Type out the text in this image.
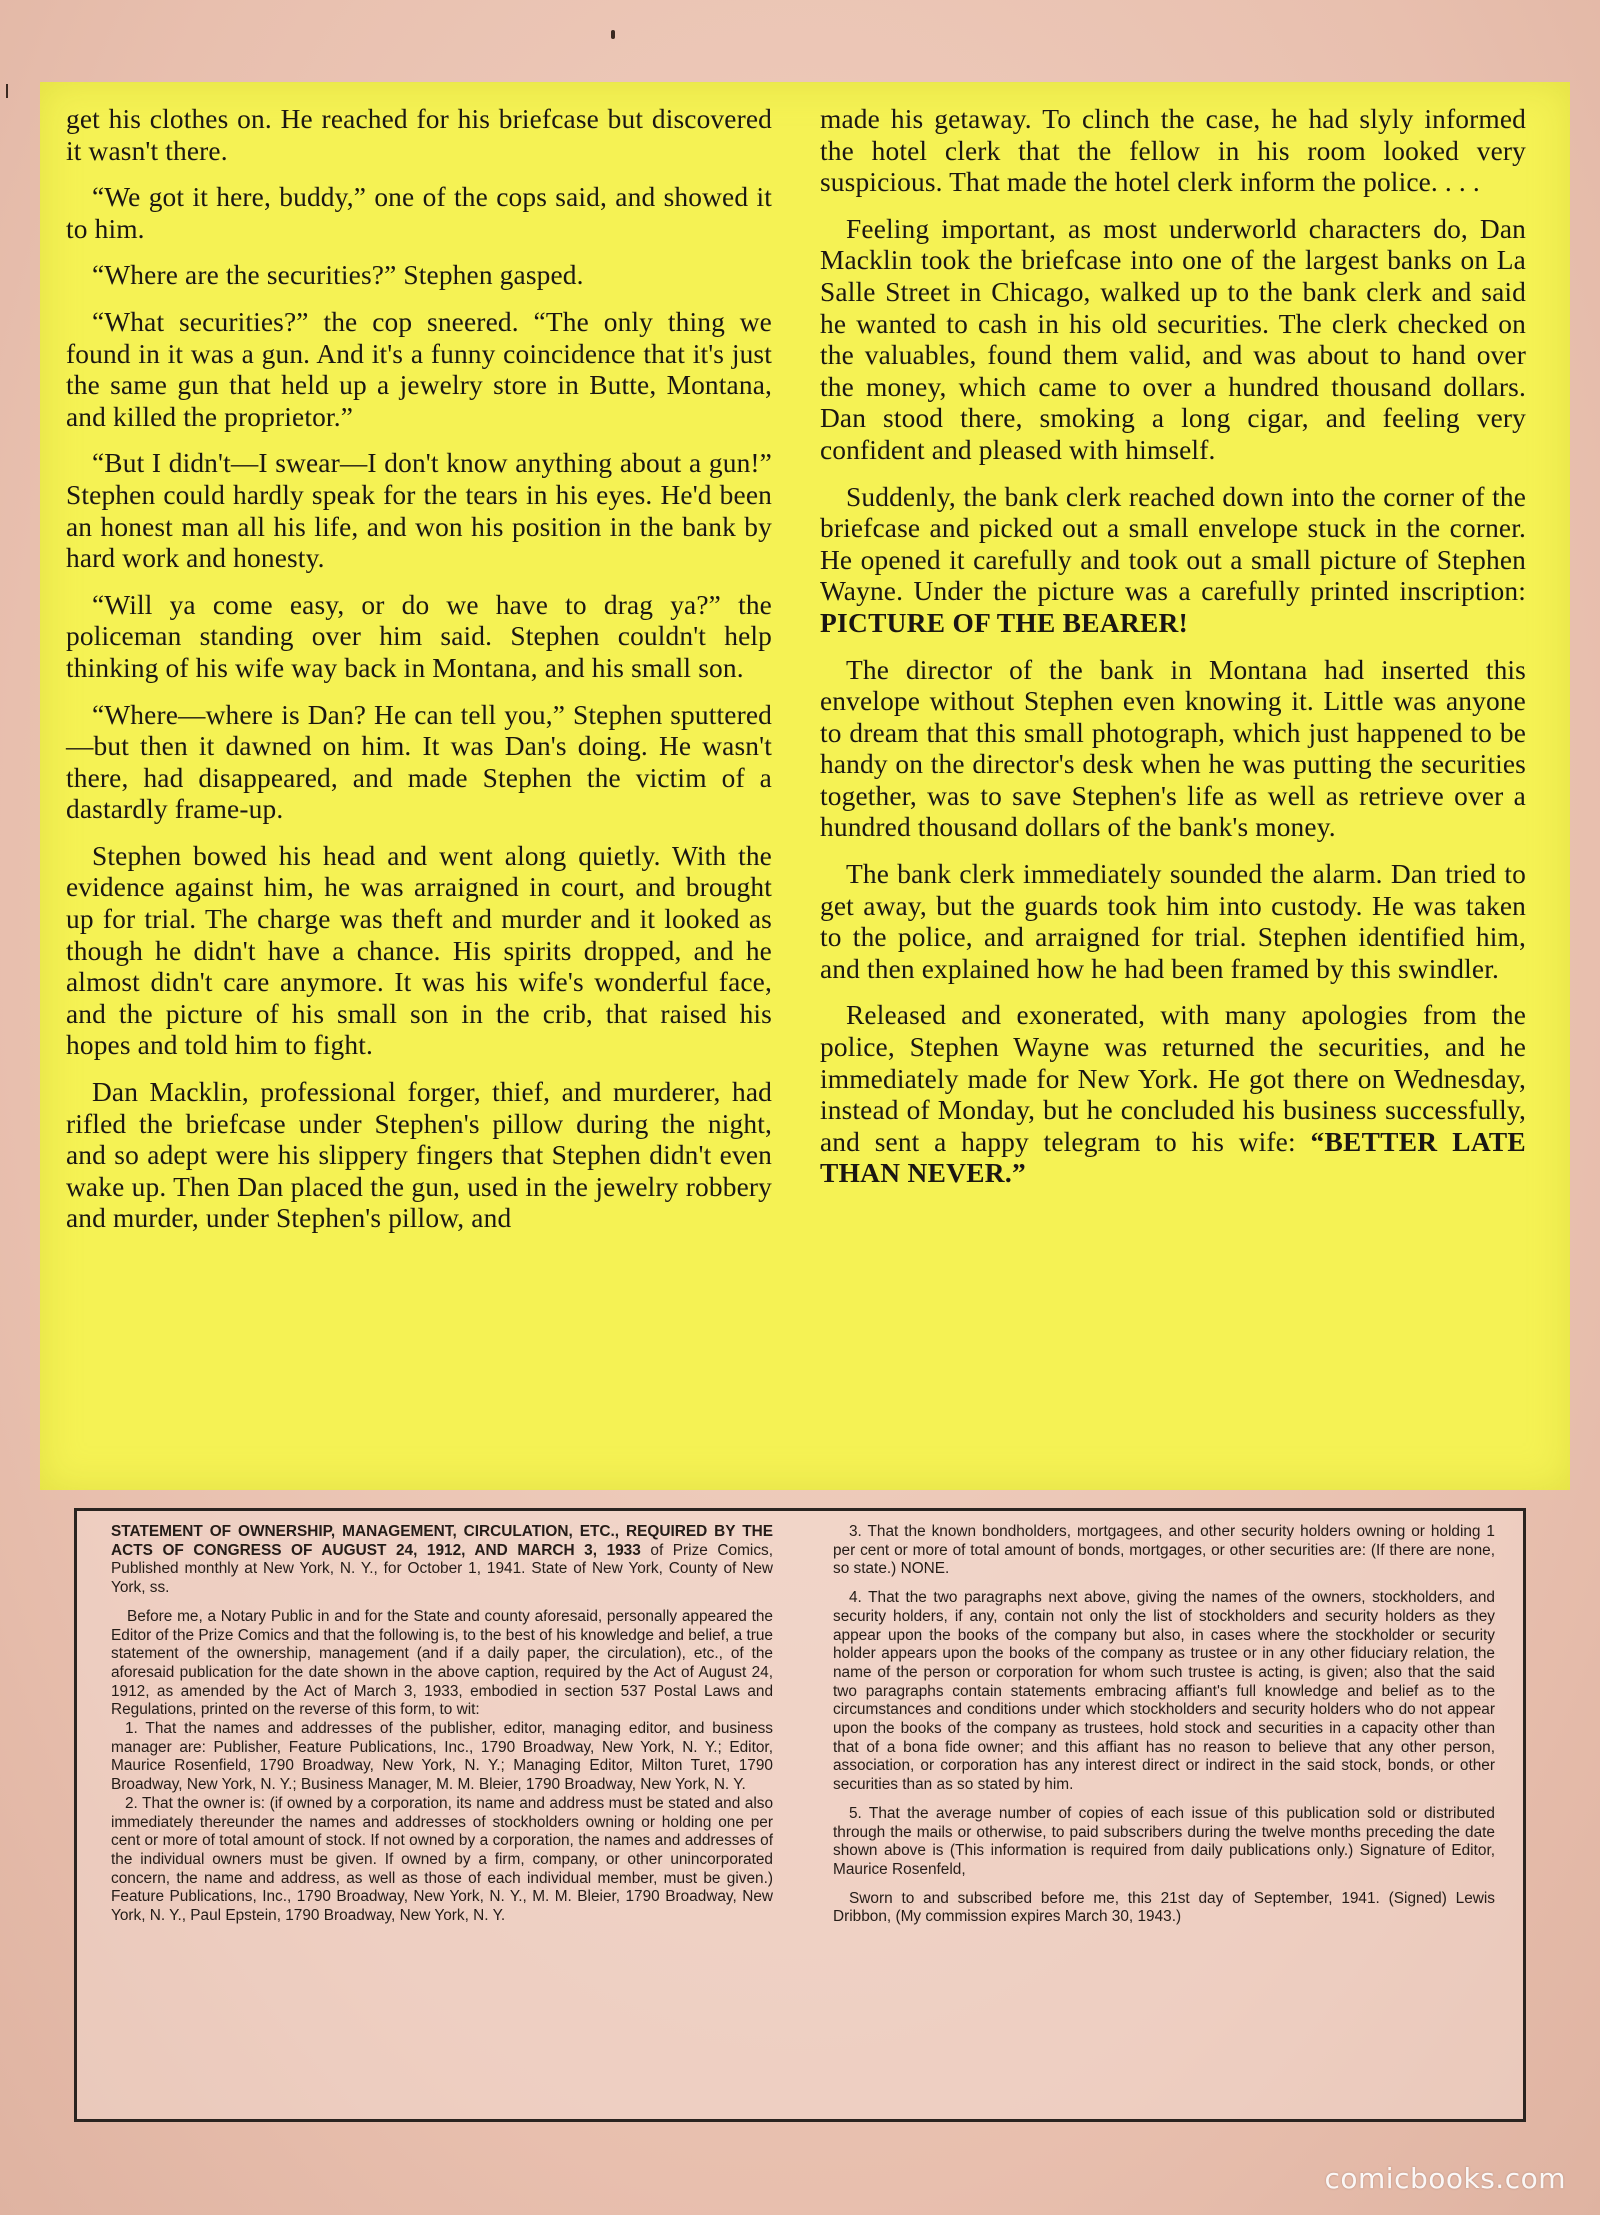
get his clothes on. He reached for his briefcase but discovered it wasn't there.

“We got it here, buddy,” one of the cops said, and showed it to him.

“Where are the securities?” Stephen gasped.

“What securities?” the cop sneered. “The only thing we found in it was a gun. And it's a funny coincidence that it's just the same gun that held up a jewelry store in Butte, Montana, and killed the proprietor.”

“But I didn't—I swear—I don't know anything about a gun!” Stephen could hardly speak for the tears in his eyes. He'd been an honest man all his life, and won his position in the bank by hard work and honesty.

“Will ya come easy, or do we have to drag ya?” the policeman standing over him said. Stephen couldn't help thinking of his wife way back in Montana, and his small son.

“Where—where is Dan? He can tell you,” Stephen sputtered—but then it dawned on him. It was Dan's doing. He wasn't there, had disappeared, and made Stephen the victim of a dastardly frame-up.

Stephen bowed his head and went along quietly. With the evidence against him, he was arraigned in court, and brought up for trial. The charge was theft and murder and it looked as though he didn't have a chance. His spirits dropped, and he almost didn't care anymore. It was his wife's wonderful face, and the picture of his small son in the crib, that raised his hopes and told him to fight.

Dan Macklin, professional forger, thief, and murderer, had rifled the briefcase under Stephen's pillow during the night, and so adept were his slippery fingers that Stephen didn't even wake up. Then Dan placed the gun, used in the jewelry robbery and murder, under Stephen's pillow, and

made his getaway. To clinch the case, he had slyly informed the hotel clerk that the fellow in his room looked very suspicious. That made the hotel clerk inform the police. . . .

Feeling important, as most underworld characters do, Dan Macklin took the briefcase into one of the largest banks on La Salle Street in Chicago, walked up to the bank clerk and said he wanted to cash in his old securities. The clerk checked on the valuables, found them valid, and was about to hand over the money, which came to over a hundred thousand dollars. Dan stood there, smoking a long cigar, and feeling very confident and pleased with himself.

Suddenly, the bank clerk reached down into the corner of the briefcase and picked out a small envelope stuck in the corner. He opened it carefully and took out a small picture of Stephen Wayne. Under the picture was a carefully printed inscription: PICTURE OF THE BEARER!

The director of the bank in Montana had inserted this envelope without Stephen even knowing it. Little was anyone to dream that this small photograph, which just happened to be handy on the director's desk when he was putting the securities together, was to save Stephen's life as well as retrieve over a hundred thousand dollars of the bank's money.

The bank clerk immediately sounded the alarm. Dan tried to get away, but the guards took him into custody. He was taken to the police, and arraigned for trial. Stephen identified him, and then explained how he had been framed by this swindler.

Released and exonerated, with many apologies from the police, Stephen Wayne was returned the securities, and he immediately made for New York. He got there on Wednesday, instead of Monday, but he concluded his business successfully, and sent a happy telegram to his wife: “BETTER LATE THAN NEVER.”

STATEMENT OF OWNERSHIP, MANAGEMENT, CIRCULATION, ETC., REQUIRED BY THE ACTS OF CONGRESS OF AUGUST 24, 1912, AND MARCH 3, 1933 of Prize Comics, Published monthly at New York, N. Y., for October 1, 1941. State of New York, County of New York, ss.

Before me, a Notary Public in and for the State and county aforesaid, personally appeared the Editor of the Prize Comics and that the following is, to the best of his knowledge and belief, a true statement of the ownership, management (and if a daily paper, the circulation), etc., of the aforesaid publication for the date shown in the above caption, required by the Act of August 24, 1912, as amended by the Act of March 3, 1933, embodied in section 537 Postal Laws and Regulations, printed on the reverse of this form, to wit:

1. That the names and addresses of the publisher, editor, managing editor, and business manager are: Publisher, Feature Publications, Inc., 1790 Broadway, New York, N. Y.; Editor, Maurice Rosenfield, 1790 Broadway, New York, N. Y.; Managing Editor, Milton Turet, 1790 Broadway, New York, N. Y.; Business Manager, M. M. Bleier, 1790 Broadway, New York, N. Y.

2. That the owner is: (if owned by a corporation, its name and address must be stated and also immediately thereunder the names and addresses of stockholders owning or holding one per cent or more of total amount of stock. If not owned by a corporation, the names and addresses of the individual owners must be given. If owned by a firm, company, or other unincorporated concern, the name and address, as well as those of each individual member, must be given.) Feature Publications, Inc., 1790 Broadway, New York, N. Y., M. M. Bleier, 1790 Broadway, New York, N. Y., Paul Epstein, 1790 Broadway, New York, N. Y.

3. That the known bondholders, mortgagees, and other security holders owning or holding 1 per cent or more of total amount of bonds, mortgages, or other securities are: (If there are none, so state.) NONE.

4. That the two paragraphs next above, giving the names of the owners, stockholders, and security holders, if any, contain not only the list of stockholders and security holders as they appear upon the books of the company but also, in cases where the stockholder or security holder appears upon the books of the company as trustee or in any other fiduciary relation, the name of the person or corporation for whom such trustee is acting, is given; also that the said two paragraphs contain statements embracing affiant's full knowledge and belief as to the circumstances and conditions under which stockholders and security holders who do not appear upon the books of the company as trustees, hold stock and securities in a capacity other than that of a bona fide owner; and this affiant has no reason to believe that any other person, association, or corporation has any interest direct or indirect in the said stock, bonds, or other securities than as so stated by him.

5. That the average number of copies of each issue of this publication sold or distributed through the mails or otherwise, to paid subscribers during the twelve months preceding the date shown above is (This information is required from daily publications only.) Signature of Editor, Maurice Rosenfeld,

Sworn to and subscribed before me, this 21st day of September, 1941. (Signed) Lewis Dribbon, (My commission expires March 30, 1943.)

comicbooks.com
